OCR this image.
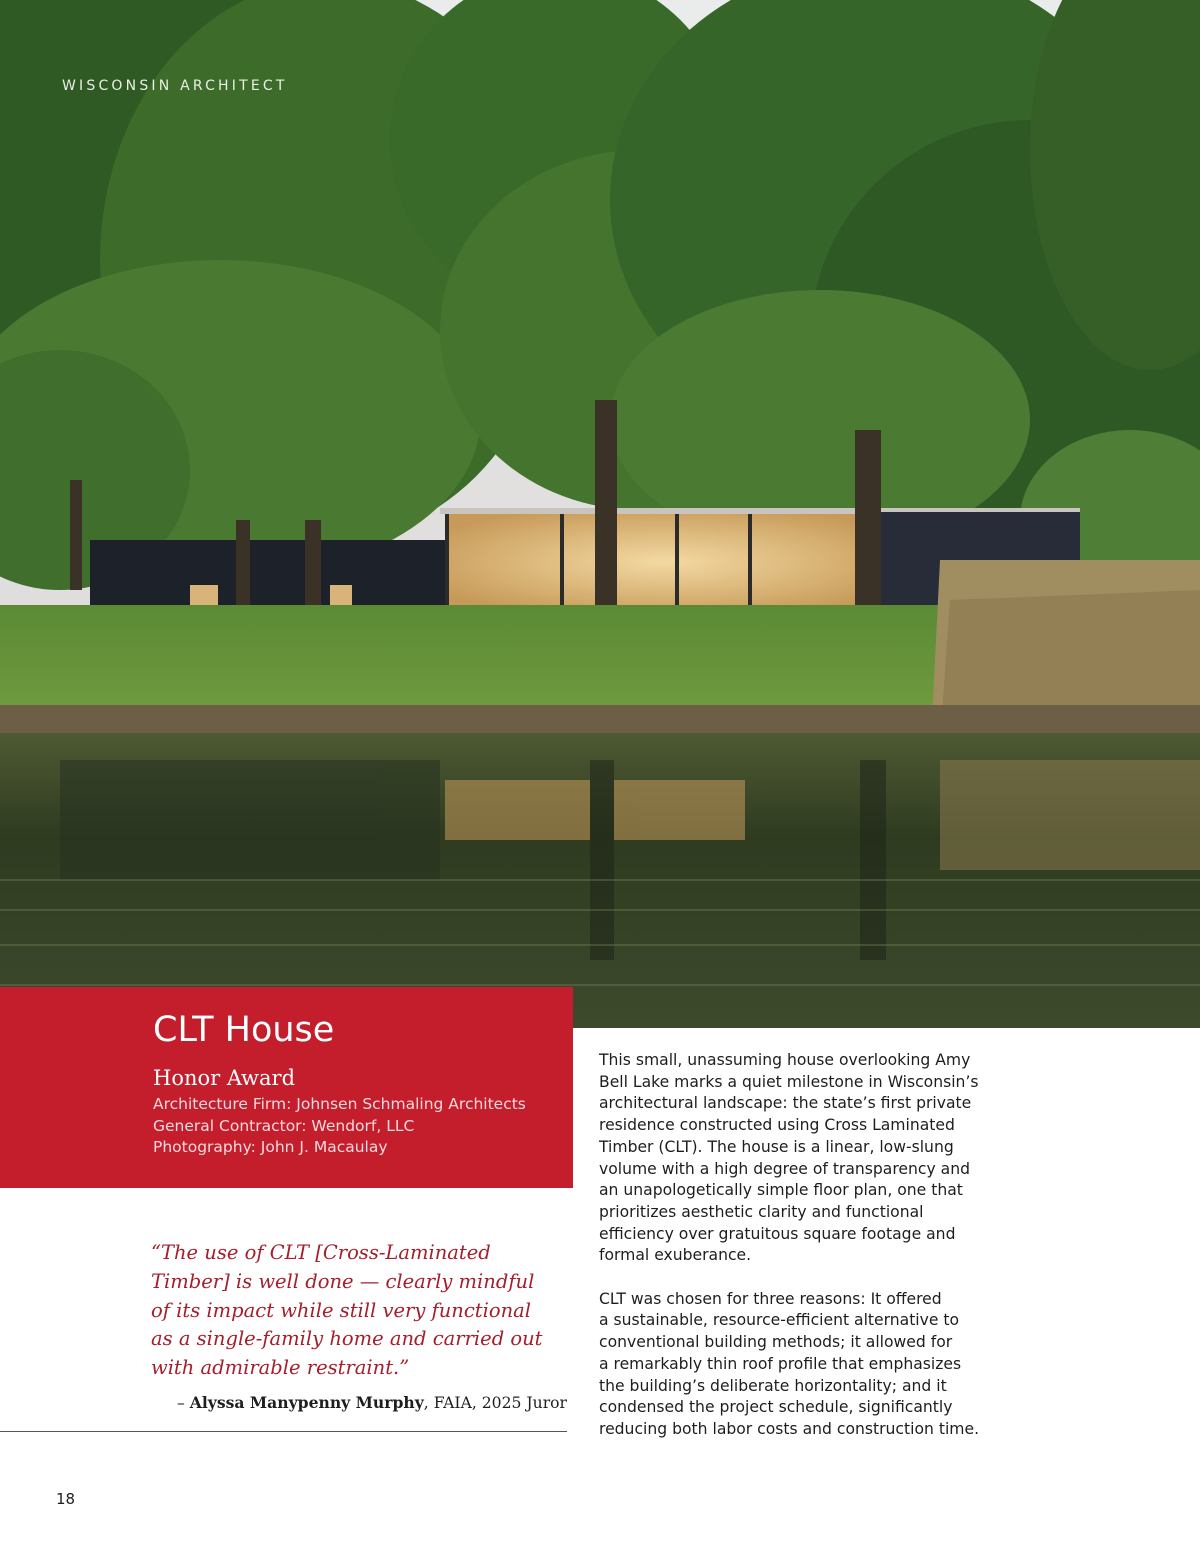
WISCONSIN ARCHITECT
CLT House
Honor Award
Architecture Firm: Johnsen Schmaling Architects
General Contractor: Wendorf, LLC
Photography: John J. Macaulay
This small, unassuming house overlooking Amy
Bell Lake marks a quiet milestone in Wisconsin’s
architectural landscape: the state’s first private
residence constructed using Cross Laminated
Timber (CLT). The house is a linear, low-slung
volume with a high degree of transparency and
an unapologetically simple floor plan, one that
prioritizes aesthetic clarity and functional
efficiency over gratuitous square footage and
formal exuberance.
CLT was chosen for three reasons: It offered
a sustainable, resource-efficient alternative to
conventional building methods; it allowed for
a remarkably thin roof profile that emphasizes
the building’s deliberate horizontality; and it
condensed the project schedule, significantly
reducing both labor costs and construction time.
“The use of CLT [Cross-Laminated
Timber] is well done — clearly mindful
of its impact while still very functional
as a single-family home and carried out
with admirable restraint.”
– Alyssa Manypenny Murphy, FAIA, 2025 Juror
18
